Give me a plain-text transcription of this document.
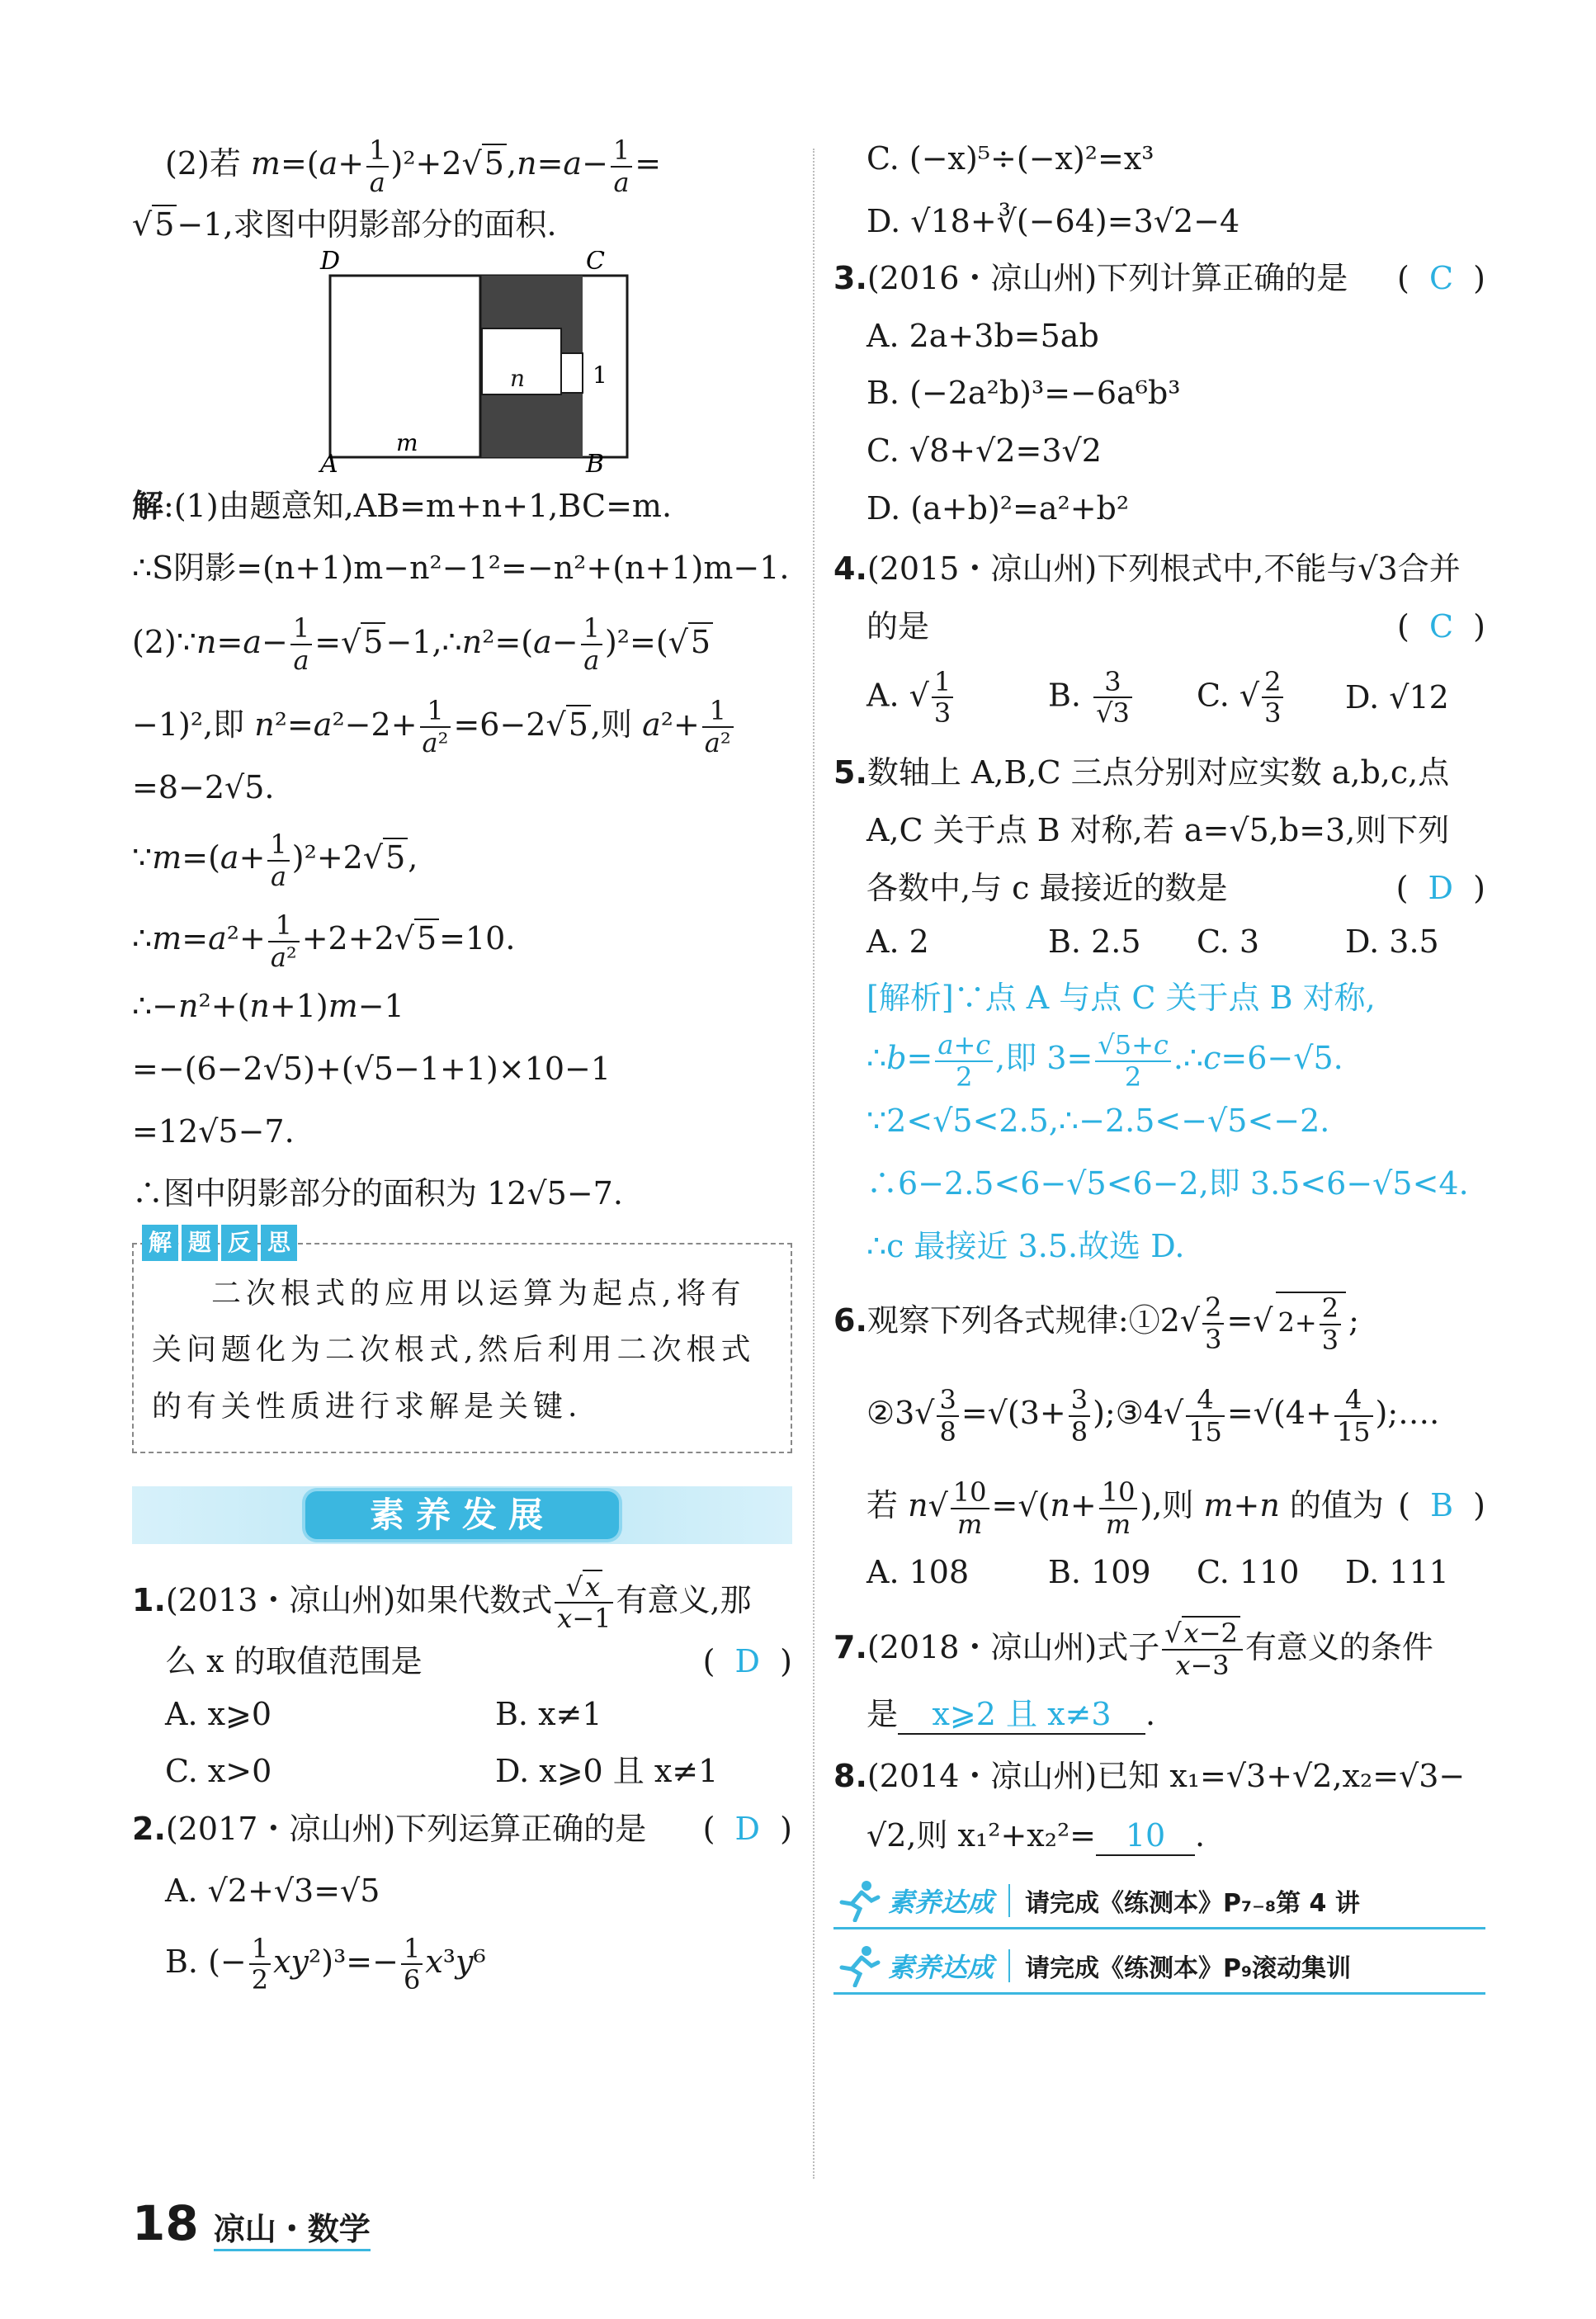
(2)若 $m=(a+ \frac{1}{a} )^2+2√5,n=a- \frac{1}{a}$ =
√5−1,求图中阴影部分的面积.
D	C
A	B
m
n	1
解:(1)由题意知,AB=m+n+1,BC=m.
∴S阴影=(n+1)m−n²−1²=−n²+(n+1)m−1.
(2)∵n=a− $\frac{1}{a}$ =√5−1,∴n²=(a− $\frac{1}{a} )^2=(√5$
−1)²,即 $n^2=a^2-2+ \frac{1}{\text{a²}} =6-2√5$,则 $a^2+ \frac{1}{\text{a²}}$
=8−2√5.
∵m=(a+ $\frac{1}{a} )^2+2√5$,
∴m=a²+ $\frac{1}{\text{a²}} +2+2√5=10$.
∴−n²+(n+1)m−1
=−(6−2√5)+(√5−1+1)×10−1
=12√5−7.
∴图中阴影部分的面积为 12√5−7.
解 题 反 思
二次根式的应用以运算为起点,将有关问题化为二次根式,然后利用二次根式的有关性质进行求解是关键.
素养发展
1.(2013・凉山州)如果代数式 $\frac{√x}{x-1}$ 有意义,那
么 x 的取值范围是	(  D  )
A. x⩾0	B. x≠1
C. x>0	D. x⩾0 且 x≠1
2.(2017・凉山州)下列运算正确的是 (  D  )
A. √2+√3=√5
B. (− $\frac{1}{2} xy^2)^3=- \frac{1}{6} x^3y^6$
C. (−x)⁵÷(−x)²=x³
D. √18+∛(−64)=3√2−4
3.(2016・凉山州)下列计算正确的是 (  C  )
A. 2a+3b=5ab
B. (−2a²b)³=−6a⁶b³
C. √8+√2=3√2
D. (a+b)²=a²+b²
4.(2015・凉山州)下列根式中,不能与√3合并
的是	(  C  )
A. √ $\frac{1}{3}$	B. $\frac{3}{√3} C$. √ $\frac{2}{3} D$. √12
5.数轴上 A,B,C 三点分别对应实数 a,b,c,点
A,C 关于点 B 对称,若 a=√5,b=3,则下列
各数中,与 c 最接近的数是	(  D  )
A. 2	B. 2.5	C. 3	D. 3.5
[解析]∵点 A 与点 C 关于点 B 对称,
∴b= $\frac{a+c}{2}$ ,即 $3= \frac{√5+c}{2}$ .∴c=6−√5.
∵2<√5<2.5,∴−2.5<−√5<−2.
∴6−2.5<6−√5<6−2,即 3.5<6−√5<4.
∴c 最接近 3.5.故选 D.
6.观察下列各式规律:①2√ $\frac{2}{3}$ =√ $2+ \frac{2}{3}$ ;
②3√ $\frac{3}{8} =√(3+ \frac{3}{8}$ );③4√ $\frac{4}{15} =√(4+ \frac{4}{15}$ );….
若 $n√ \frac{10}{m} =√(n+ \frac{10}{m}$ ),则 m+n 的值为 (  B  )
A. 108	B. 109	C. 110	D. 111
7.(2018・凉山州)式子 $\frac{√x-2}{x-3}$ 有意义的条件
是 x⩾2 且 x≠3 .
8.(2014・凉山州)已知 x₁=√3+√2,x₂=√3−
√2,则 x₁²+x₂²= 10 .
素养达成 请完成《练测本》P₇₋₈第 4 讲
素养达成 请完成《练测本》P₉滚动集训
18 凉山・数学
